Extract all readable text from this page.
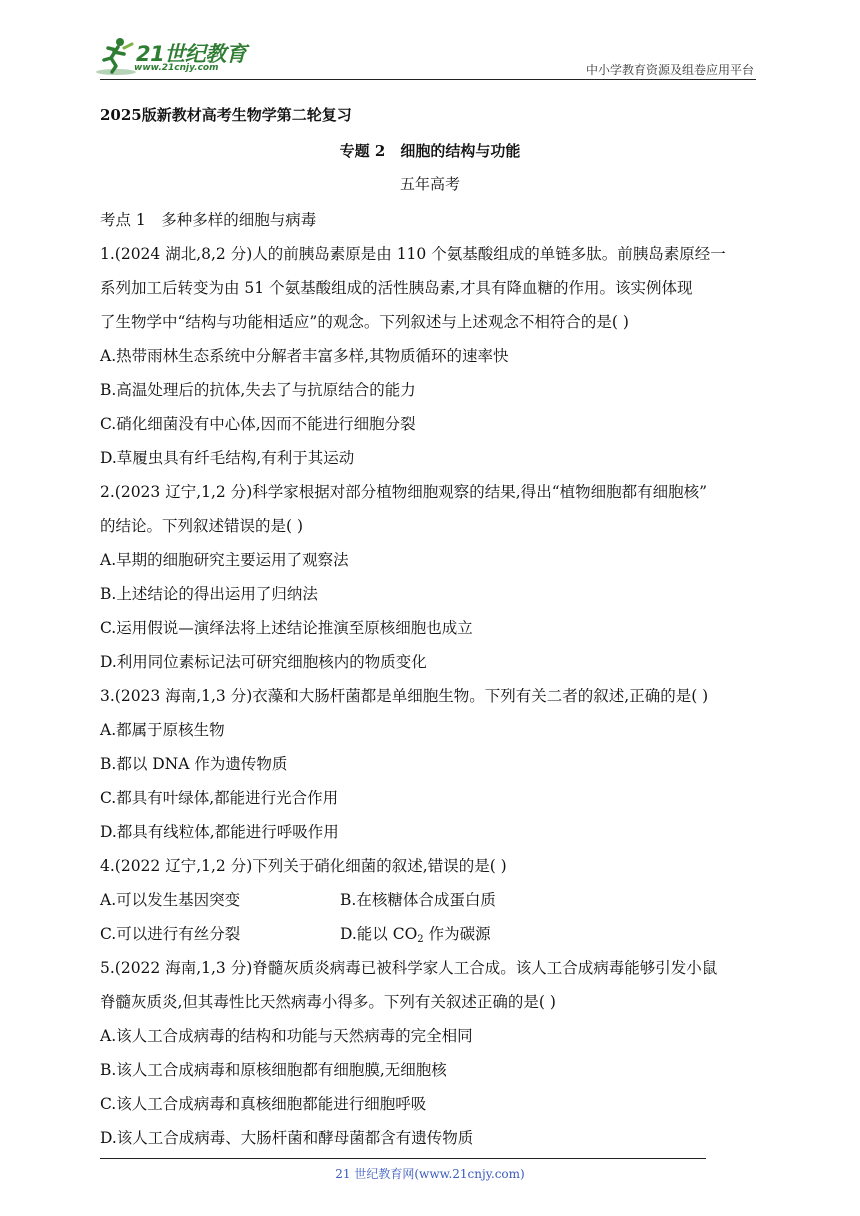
21世纪教育
www.21cnjy.com	中小学教育资源及组卷应用平台
2025版新教材高考生物学第二轮复习
专题 2　细胞的结构与功能
五年高考
考点 1　多种多样的细胞与病毒
1.(2024 湖北,8,2 分)人的前胰岛素原是由 110 个氨基酸组成的单链多肽。前胰岛素原经一
系列加工后转变为由 51 个氨基酸组成的活性胰岛素,才具有降血糖的作用。该实例体现
了生物学中“结构与功能相适应”的观念。下列叙述与上述观念不相符合的是( )
A.热带雨林生态系统中分解者丰富多样,其物质循环的速率快
B.高温处理后的抗体,失去了与抗原结合的能力
C.硝化细菌没有中心体,因而不能进行细胞分裂
D.草履虫具有纤毛结构,有利于其运动
2.(2023 辽宁,1,2 分)科学家根据对部分植物细胞观察的结果,得出“植物细胞都有细胞核”
的结论。下列叙述错误的是( )
A.早期的细胞研究主要运用了观察法
B.上述结论的得出运用了归纳法
C.运用假说—演绎法将上述结论推演至原核细胞也成立
D.利用同位素标记法可研究细胞核内的物质变化
3.(2023 海南,1,3 分)衣藻和大肠杆菌都是单细胞生物。下列有关二者的叙述,正确的是( )
A.都属于原核生物
B.都以 DNA 作为遗传物质
C.都具有叶绿体,都能进行光合作用
D.都具有线粒体,都能进行呼吸作用
4.(2022 辽宁,1,2 分)下列关于硝化细菌的叙述,错误的是( )
A.可以发生基因突变	B.在核糖体合成蛋白质
C.可以进行有丝分裂	D.能以 $CO_2$ 作为碳源
5.(2022 海南,1,3 分)脊髓灰质炎病毒已被科学家人工合成。该人工合成病毒能够引发小鼠
脊髓灰质炎,但其毒性比天然病毒小得多。下列有关叙述正确的是( )
A.该人工合成病毒的结构和功能与天然病毒的完全相同
B.该人工合成病毒和原核细胞都有细胞膜,无细胞核
C.该人工合成病毒和真核细胞都能进行细胞呼吸
D.该人工合成病毒、大肠杆菌和酵母菌都含有遗传物质
21 世纪教育网(www.21cnjy.com)
